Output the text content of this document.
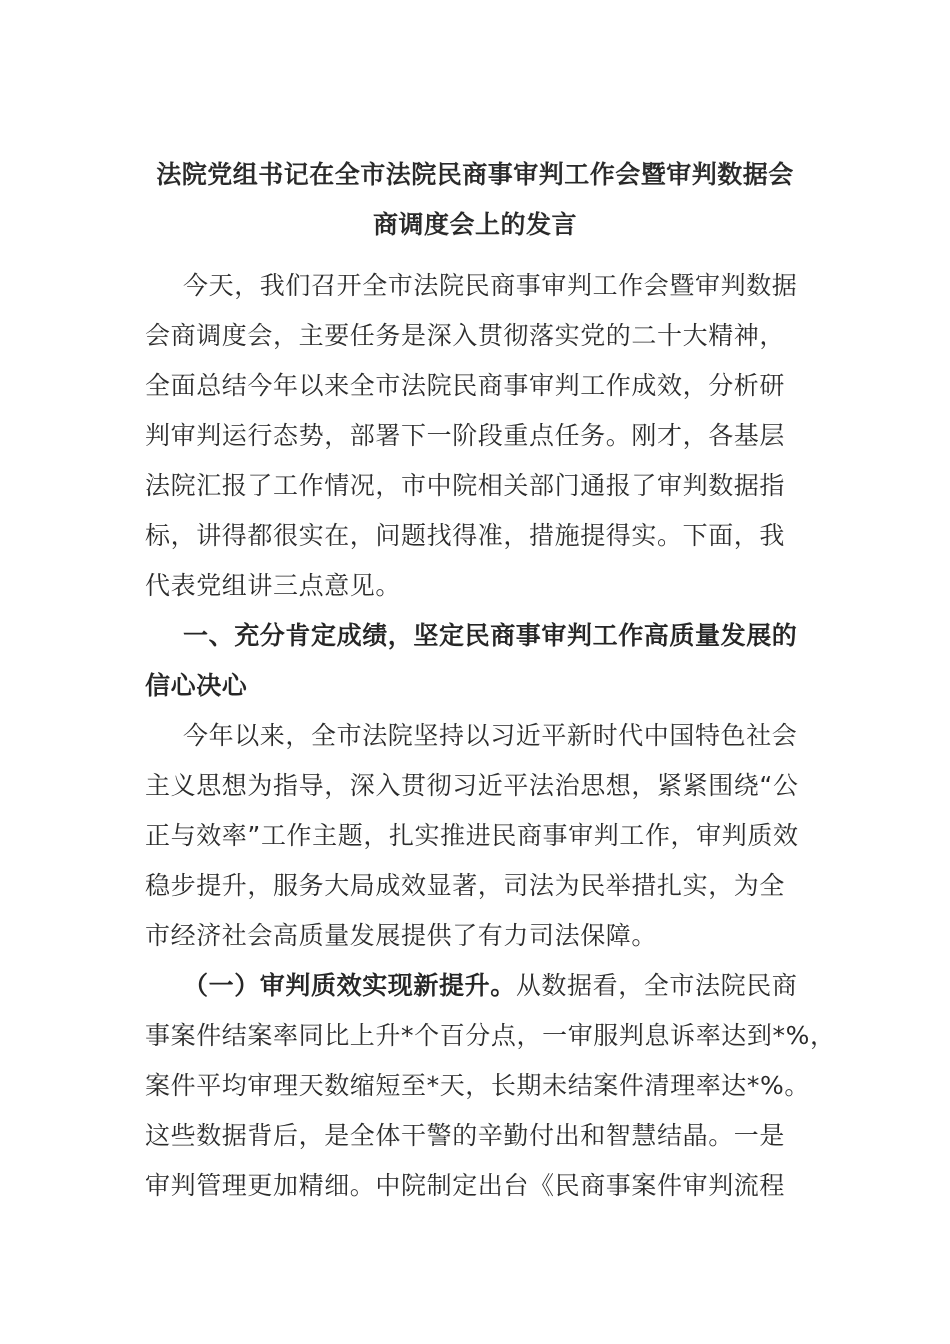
法院党组书记在全市法院民商事审判工作会暨审判数据会
商调度会上的发言
今天，我们召开全市法院民商事审判工作会暨审判数据
会商调度会，主要任务是深入贯彻落实党的二十大精神，
全面总结今年以来全市法院民商事审判工作成效，分析研
判审判运行态势，部署下一阶段重点任务。刚才，各基层
法院汇报了工作情况，市中院相关部门通报了审判数据指
标，讲得都很实在，问题找得准，措施提得实。下面，我
代表党组讲三点意见。
一、充分肯定成绩，坚定民商事审判工作高质量发展的
信心决心
今年以来，全市法院坚持以习近平新时代中国特色社会
主义思想为指导，深入贯彻习近平法治思想，紧紧围绕“公
正与效率”工作主题，扎实推进民商事审判工作，审判质效
稳步提升，服务大局成效显著，司法为民举措扎实，为全
市经济社会高质量发展提供了有力司法保障。
（一）审判质效实现新提升。从数据看，全市法院民商
事案件结案率同比上升*个百分点，一审服判息诉率达到*%，
案件平均审理天数缩短至*天，长期未结案件清理率达*%。
这些数据背后，是全体干警的辛勤付出和智慧结晶。一是
审判管理更加精细。中院制定出台《民商事案件审判流程
